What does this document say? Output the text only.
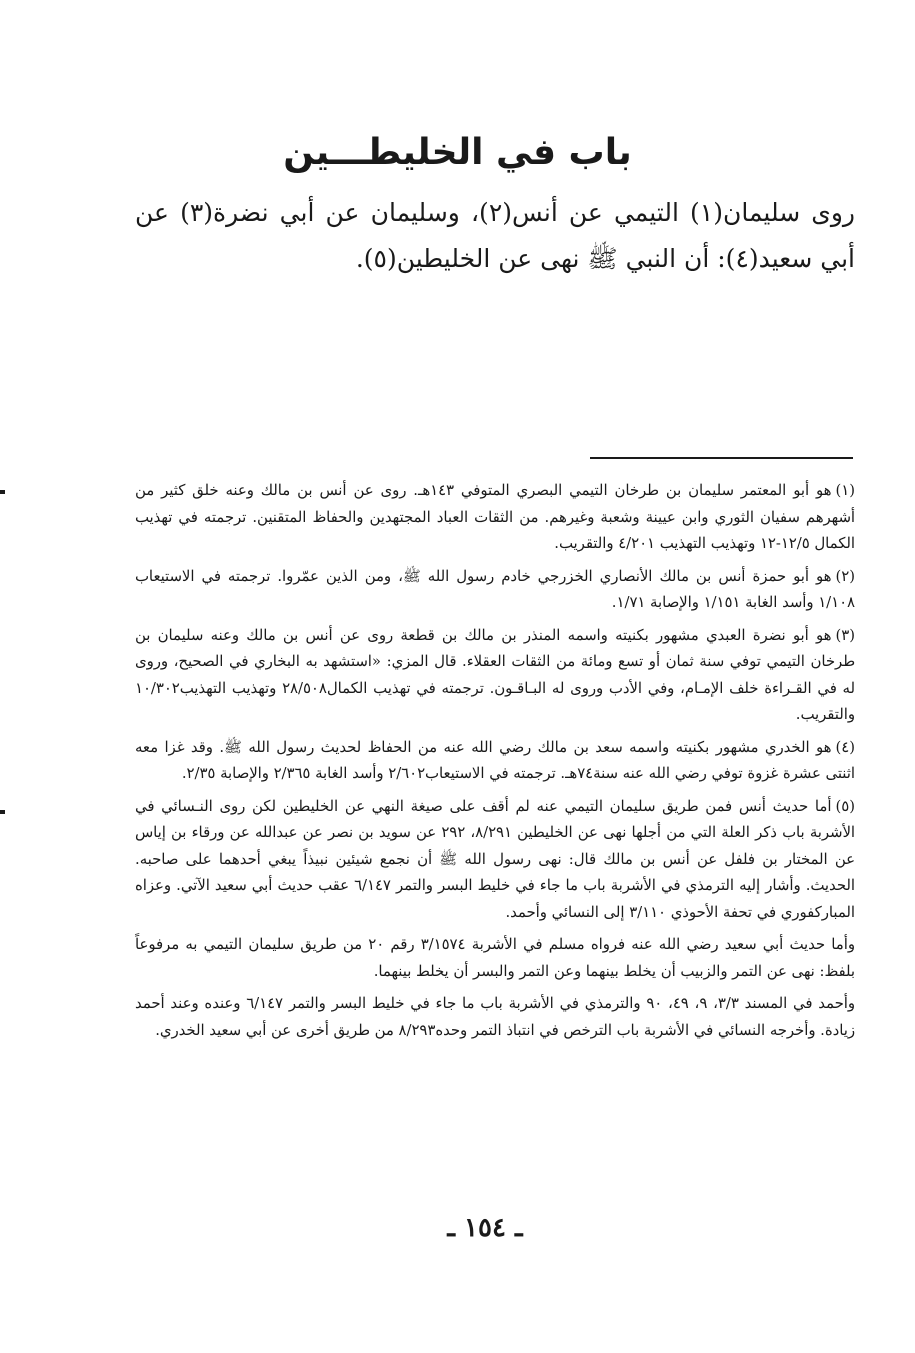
باب في الخليطـــين

روى سليمان(١) التيمي عن أنس(٢)، وسليمان عن أبي نضرة(٣) عن أبي سعيد(٤): أن النبي ﷺ نهى عن الخليطين(٥).

(١)هو أبو المعتمر سليمان بن طرخان التيمي البصري المتوفي ١٤٣هـ. روى عن أنس بن مالك وعنه خلق كثير من أشهرهم سفيان الثوري وابن عيينة وشعبة وغيرهم. من الثقات العباد المجتهدين والحفاظ المتقنين. ترجمته في تهذيب الكمال ١٢/٥-١٢ وتهذيب التهذيب ٤/٢٠١ والتقريب.

(٢)هو أبو حمزة أنس بن مالك الأنصاري الخزرجي خادم رسول الله ﷺ، ومن الذين عمّروا. ترجمته في الاستيعاب ١/١٠٨ وأسد الغابة ١/١٥١ والإصابة ١/٧١.

(٣)هو أبو نضرة العبدي مشهور بكنيته واسمه المنذر بن مالك بن قطعة روى عن أنس بن مالك وعنه سليمان بن طرخان التيمي توفي سنة ثمان أو تسع ومائة من الثقات العقلاء. قال المزي: «استشهد به البخاري في الصحيح، وروى له في القـراءة خلف الإمـام، وفي الأدب وروى له البـاقـون. ترجمته في تهذيب الكمال٢٨/٥٠٨ وتهذيب التهذيب١٠/٣٠٢ والتقريب.

(٤)هو الخدري مشهور بكنيته واسمه سعد بن مالك رضي الله عنه من الحفاظ لحديث رسول الله ﷺ. وقد غزا معه اثنتى عشرة غزوة توفي رضي الله عنه سنة٧٤هـ. ترجمته في الاستيعاب٢/٦٠٢ وأسد الغابة ٢/٣٦٥ والإصابة ٢/٣٥.

(٥)أما حديث أنس فمن طريق سليمان التيمي عنه لم أقف على صيغة النهي عن الخليطين لكن روى النـسائي في الأشربة باب ذكر العلة التي من أجلها نهى عن الخليطين ٨/٢٩١، ٢٩٢ عن سويد بن نصر عن عبدالله عن ورقاء بن إياس عن المختار بن فلفل عن أنس بن مالك قال: نهى رسول الله ﷺ أن نجمع شيئين نبيذاً يبغي أحدهما على صاحبه. الحديث. وأشار إليه الترمذي في الأشربة باب ما جاء في خليط البسر والتمر ٦/١٤٧ عقب حديث أبي سعيد الآتي. وعزاه المباركفوري في تحفة الأحوذي ٣/١١٠ إلى النسائي وأحمد.

وأما حديث أبي سعيد رضي الله عنه فرواه مسلم في الأشربة ٣/١٥٧٤ رقم ٢٠ من طريق سليمان التيمي به مرفوعاً بلفظ: نهى عن التمر والزبيب أن يخلط بينهما وعن التمر والبسر أن يخلط بينهما.

وأحمد في المسند ٣/٣، ٩، ٤٩، ٩٠ والترمذي في الأشربة باب ما جاء في خليط البسر والتمر ٦/١٤٧ وعنده وعند أحمد زيادة. وأخرجه النسائي في الأشربة باب الترخص في انتباذ التمر وحده٨/٢٩٣ من طريق أخرى عن أبي سعيد الخدري.

ـ ١٥٤ ـ
